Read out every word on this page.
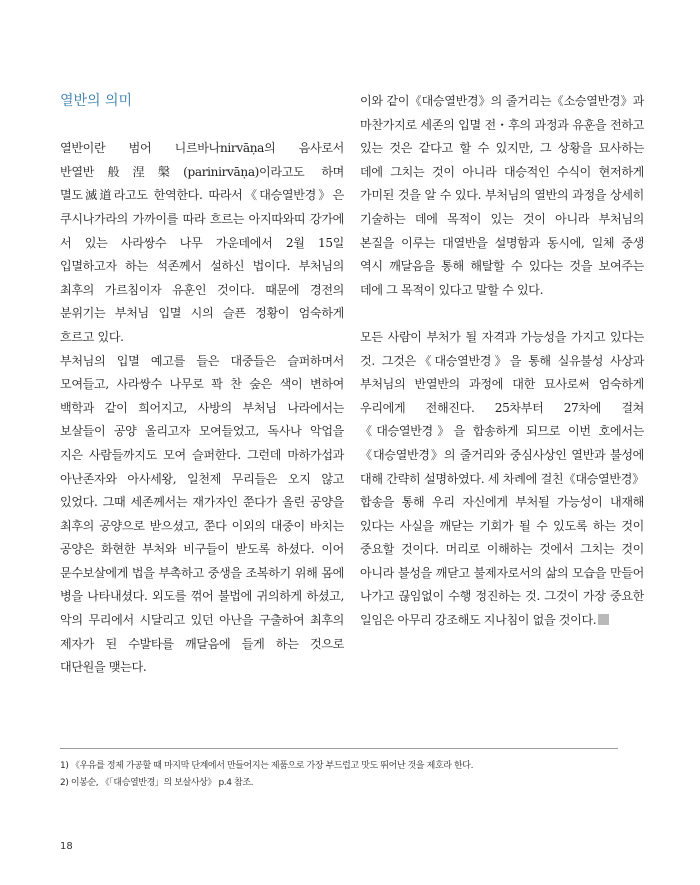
열반의 의미

열반이란 범어 니르바나nirvāṇa의 음사로서 반열반般涅槃(parinirvāṇa)이라고도 하며 멸도滅道라고도 한역한다. 따라서《대승열반경》은 쿠시나가라의 가까이를 따라 흐르는 아지따와띠 강가에 서 있는 사라쌍수 나무 가운데에서 2월 15일 입멸하고자 하는 석존께서 설하신 법이다. 부처님의 최후의 가르침이자 유훈인 것이다. 때문에 경전의 분위기는 부처님 입멸 시의 슬픈 정황이 엄숙하게 흐르고 있다.

부처님의 입멸 예고를 들은 대중들은 슬퍼하며서 모여들고, 사라쌍수 나무로 꽉 찬 숲은 색이 변하여 백학과 같이 희어지고, 사방의 부처님 나라에서는 보살들이 공양 올리고자 모여들었고, 독사나 악업을 지은 사람들까지도 모여 슬퍼한다. 그런데 마하가섭과 아난존자와 아사세왕, 일천제 무리들은 오지 않고 있었다. 그때 세존께서는 재가자인 쭌다가 올린 공양을 최후의 공양으로 받으셨고, 쭌다 이외의 대중이 바치는 공양은 화현한 부처와 비구들이 받도록 하셨다. 이어 문수보살에게 법을 부촉하고 중생을 조복하기 위해 몸에 병을 나타내셨다. 외도를 꺾어 불법에 귀의하게 하셨고, 악의 무리에서 시달리고 있던 아난을 구출하여 최후의 제자가 된 수발타를 깨달음에 들게 하는 것으로 대단원을 맺는다.

이와 같이《대승열반경》의 줄거리는《소승열반경》과 마찬가지로 세존의 입멸 전・후의 과정과 유훈을 전하고 있는 것은 같다고 할 수 있지만, 그 상황을 묘사하는 데에 그치는 것이 아니라 대승적인 수식이 현저하게 가미된 것을 알 수 있다. 부처님의 열반의 과정을 상세히 기술하는 데에 목적이 있는 것이 아니라 부처님의 본질을 이루는 대열반을 설명함과 동시에, 일체 중생 역시 깨달음을 통해 해탈할 수 있다는 것을 보여주는 데에 그 목적이 있다고 말할 수 있다.

모든 사람이 부처가 될 자격과 가능성을 가지고 있다는 것. 그것은《대승열반경》을 통해 실유불성 사상과 부처님의 반열반의 과정에 대한 묘사로써 엄숙하게 우리에게 전해진다. 25차부터 27차에 걸쳐《대승열반경》을 합송하게 되므로 이번 호에서는《대승열반경》의 줄거리와 중심사상인 열반과 불성에 대해 간략히 설명하였다. 세 차례에 걸친《대승열반경》합송을 통해 우리 자신에게 부처될 가능성이 내재해 있다는 사실을 깨닫는 기회가 될 수 있도록 하는 것이 중요할 것이다. 머리로 이해하는 것에서 그치는 것이 아니라 불성을 깨닫고 불제자로서의 삶의 모습을 만들어 나가고 끊임없이 수행 정진하는 것. 그것이 가장 중요한 일임은 아무리 강조해도 지나침이 없을 것이다.

1) 《우유를 정제 가공할 때 마지막 단계에서 만들어지는 제품으로 가장 부드럽고 맛도 뛰어난 것을 제호라 한다.
2) 이봉순, 《「대승열반경」의 보살사상》 p.4 참조.
18
